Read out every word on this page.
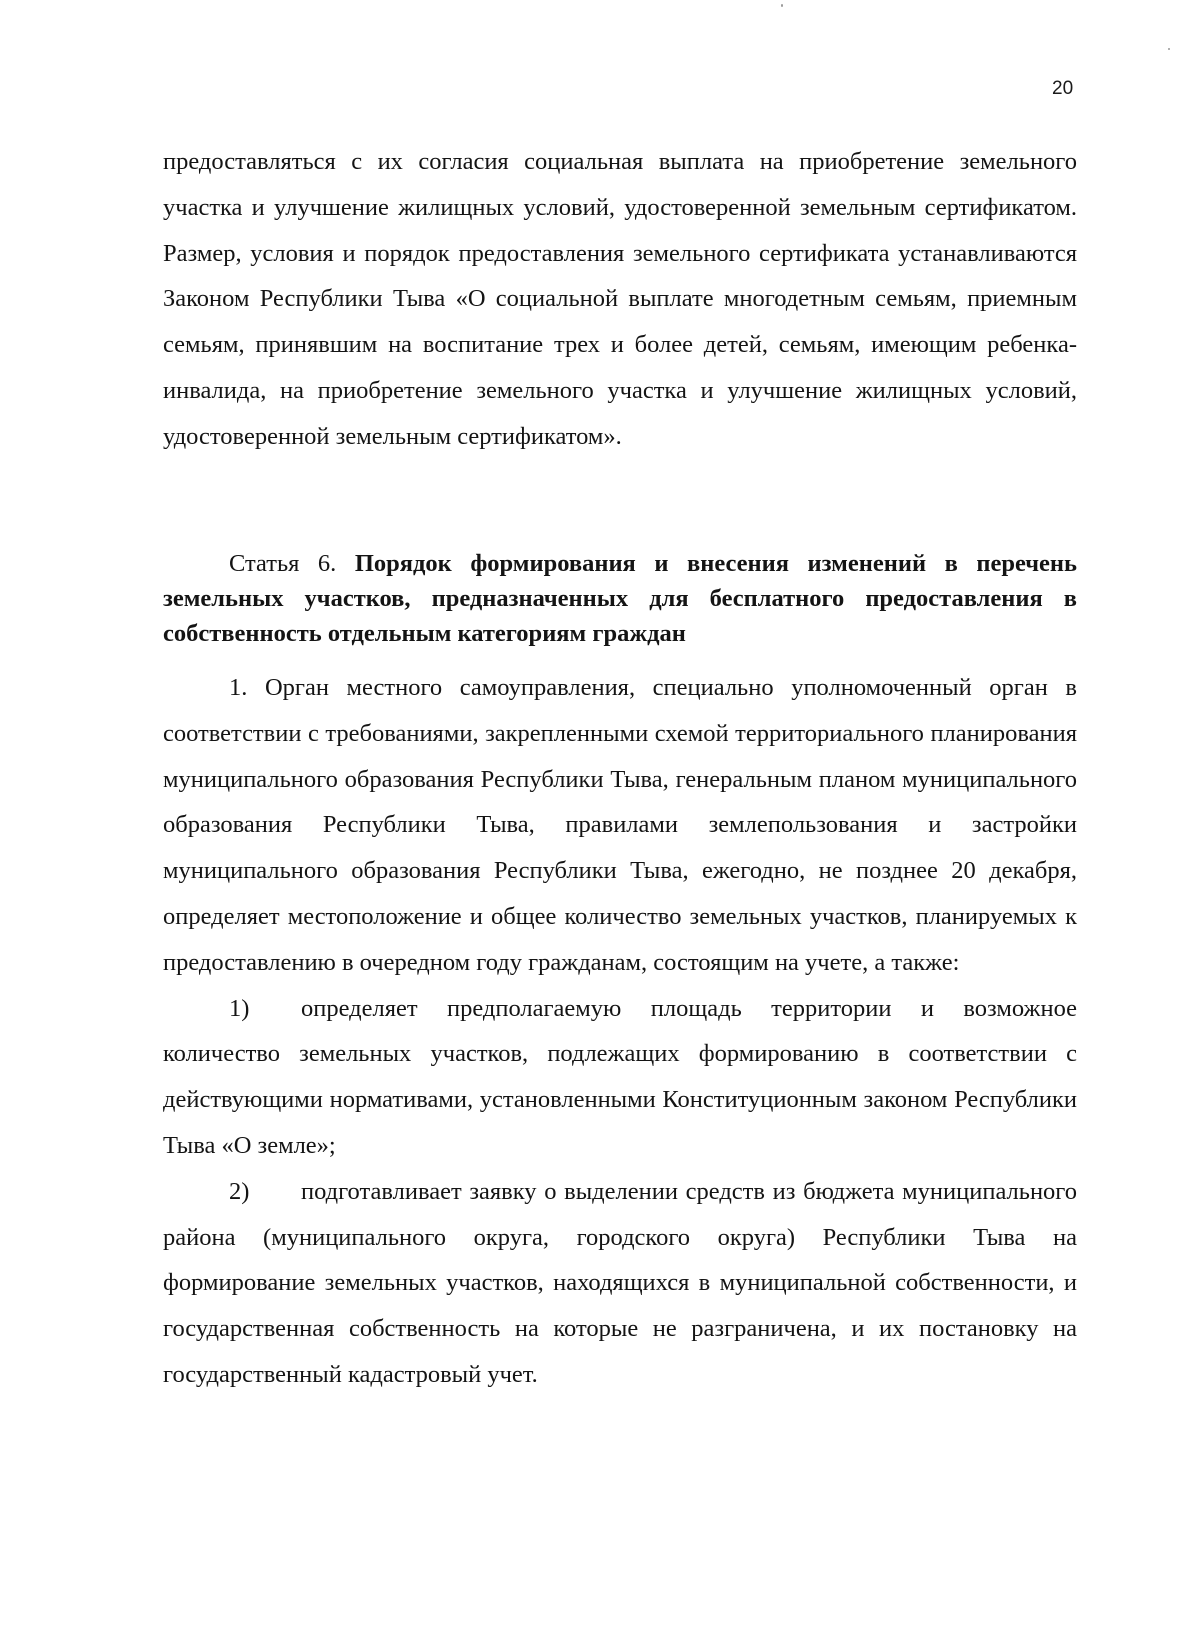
20

предоставляться с их согласия социальная выплата на приобретение земельного участка и улучшение жилищных условий, удостоверенной земельным сертификатом. Размер, условия и порядок предоставления земельного сертификата устанавливаются Законом Республики Тыва «О социальной выплате многодетным семьям, приемным семьям, принявшим на воспитание трех и более детей, семьям, имеющим ребенка-инвалида, на приобретение земельного участка и улучшение жилищных условий, удостоверенной земельным сертификатом».

Статья 6. Порядок формирования и внесения изменений в перечень земельных участков, предназначенных для бесплатного предоставления в собственность отдельным категориям граждан

1. Орган местного самоуправления, специально уполномоченный орган в соответствии с требованиями, закрепленными схемой территориального планирования муниципального образования Республики Тыва, генеральным планом муниципального образования Республики Тыва, правилами землепользования и застройки муниципального образования Республики Тыва, ежегодно, не позднее 20 декабря, определяет местоположение и общее количество земельных участков, планируемых к предоставлению в очередном году гражданам, состоящим на учете, а также:

1) определяет предполагаемую площадь территории и возможное количество земельных участков, подлежащих формированию в соответствии с действующими нормативами, установленными Конституционным законом Республики Тыва «О земле»;

2) подготавливает заявку о выделении средств из бюджета муниципального района (муниципального округа, городского округа) Республики Тыва на формирование земельных участков, находящихся в муниципальной собственности, и государственная собственность на которые не разграничена, и их постановку на государственный кадастровый учет.
